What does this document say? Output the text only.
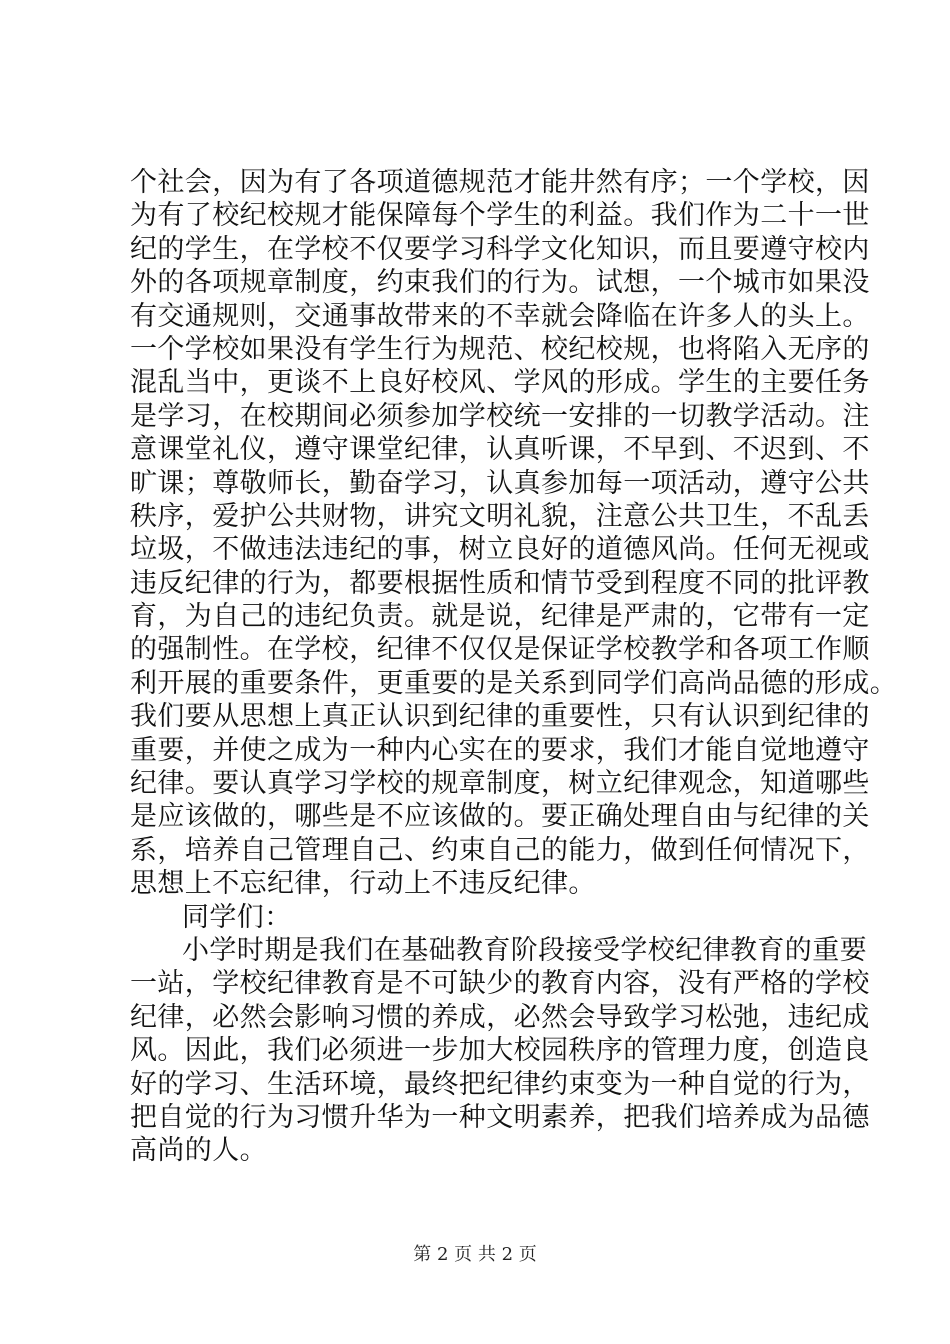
个社会，因为有了各项道德规范才能井然有序；一个学校，因
为有了校纪校规才能保障每个学生的利益。我们作为二十一世
纪的学生，在学校不仅要学习科学文化知识，而且要遵守校内
外的各项规章制度，约束我们的行为。试想，一个城市如果没
有交通规则，交通事故带来的不幸就会降临在许多人的头上。
一个学校如果没有学生行为规范、校纪校规，也将陷入无序的
混乱当中，更谈不上良好校风、学风的形成。学生的主要任务
是学习，在校期间必须参加学校统一安排的一切教学活动。注
意课堂礼仪，遵守课堂纪律，认真听课，不早到、不迟到、不
旷课；尊敬师长，勤奋学习，认真参加每一项活动，遵守公共
秩序，爱护公共财物，讲究文明礼貌，注意公共卫生，不乱丢
垃圾，不做违法违纪的事，树立良好的道德风尚。任何无视或
违反纪律的行为，都要根据性质和情节受到程度不同的批评教
育，为自己的违纪负责。就是说，纪律是严肃的，它带有一定
的强制性。在学校，纪律不仅仅是保证学校教学和各项工作顺
利开展的重要条件，更重要的是关系到同学们高尚品德的形成。
我们要从思想上真正认识到纪律的重要性，只有认识到纪律的
重要，并使之成为一种内心实在的要求，我们才能自觉地遵守
纪律。要认真学习学校的规章制度，树立纪律观念，知道哪些
是应该做的，哪些是不应该做的。要正确处理自由与纪律的关
系，培养自己管理自己、约束自己的能力，做到任何情况下，
思想上不忘纪律，行动上不违反纪律。
同学们：
小学时期是我们在基础教育阶段接受学校纪律教育的重要
一站，学校纪律教育是不可缺少的教育内容，没有严格的学校
纪律，必然会影响习惯的养成，必然会导致学习松弛，违纪成
风。因此，我们必须进一步加大校园秩序的管理力度，创造良
好的学习、生活环境，最终把纪律约束变为一种自觉的行为，
把自觉的行为习惯升华为一种文明素养，把我们培养成为品德
高尚的人。
第 2 页 共 2 页
